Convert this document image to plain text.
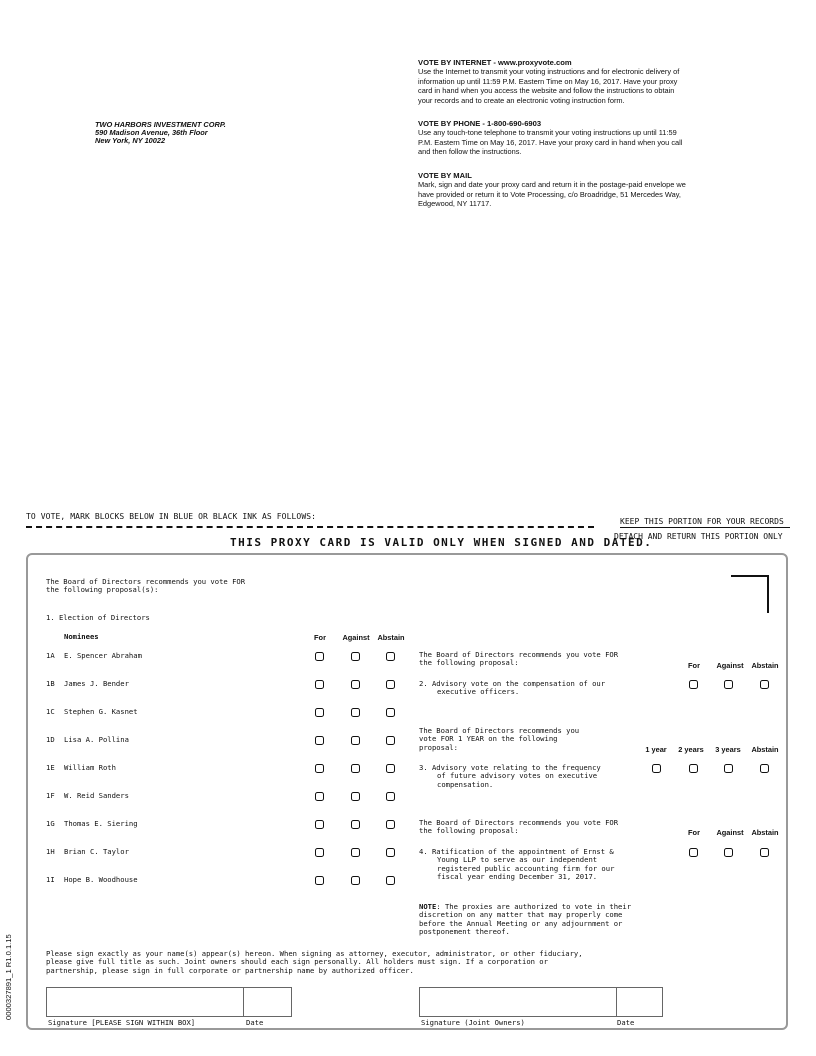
TWO HARBORS INVESTMENT CORP.
590 Madison Avenue, 36th Floor
New York, NY 10022
VOTE BY INTERNET - www.proxyvote.com
Use the Internet to transmit your voting instructions and for electronic delivery of
information up until 11:59 P.M. Eastern Time on May 16, 2017. Have your proxy
card in hand when you access the website and follow the instructions to obtain
your records and to create an electronic voting instruction form.
VOTE BY PHONE - 1-800-690-6903
Use any touch-tone telephone to transmit your voting instructions up until 11:59
P.M. Eastern Time on May 16, 2017. Have your proxy card in hand when you call
and then follow the instructions.
VOTE BY MAIL
Mark, sign and date your proxy card and return it in the postage-paid envelope we
have provided or return it to Vote Processing, c/o Broadridge, 51 Mercedes Way,
Edgewood, NY 11717.
TO VOTE, MARK BLOCKS BELOW IN BLUE OR BLACK INK AS FOLLOWS:
KEEP THIS PORTION FOR YOUR RECORDS
DETACH AND RETURN THIS PORTION ONLY
THIS PROXY CARD IS VALID ONLY WHEN SIGNED AND DATED.
The Board of Directors recommends you vote FOR
the following proposal(s):
1. Election of Directors
Nominees	For	Against	Abstain
1A E. Spencer Abraham
1B James J. Bender
1C Stephen G. Kasnet
1D Lisa A. Pollina
1E William Roth
1F W. Reid Sanders
1G Thomas E. Siering
1H Brian C. Taylor
1I Hope B. Woodhouse
The Board of Directors recommends you vote FOR
the following proposal:	For	Against	Abstain
2. Advisory vote on the compensation of our
executive officers.
The Board of Directors recommends you
vote FOR 1 YEAR on the following
proposal:	1 year	2 years	3 years	Abstain
3. Advisory vote relating to the frequency
of future advisory votes on executive
compensation.
The Board of Directors recommends you vote FOR
the following proposal:	For	Against	Abstain
4. Ratification of the appointment of Ernst &
Young LLP to serve as our independent
registered public accounting firm for our
fiscal year ending December 31, 2017.
NOTE: The proxies are authorized to vote in their
discretion on any matter that may properly come
before the Annual Meeting or any adjournment or
postponement thereof.
Please sign exactly as your name(s) appear(s) hereon. When signing as attorney, executor, administrator, or other fiduciary,
please give full title as such. Joint owners should each sign personally. All holders must sign. If a corporation or
partnership, please sign in full corporate or partnership name by authorized officer.
Signature [PLEASE SIGN WITHIN BOX]	Date	Signature (Joint Owners)	Date
0000327891_1 R1.0.1.15
